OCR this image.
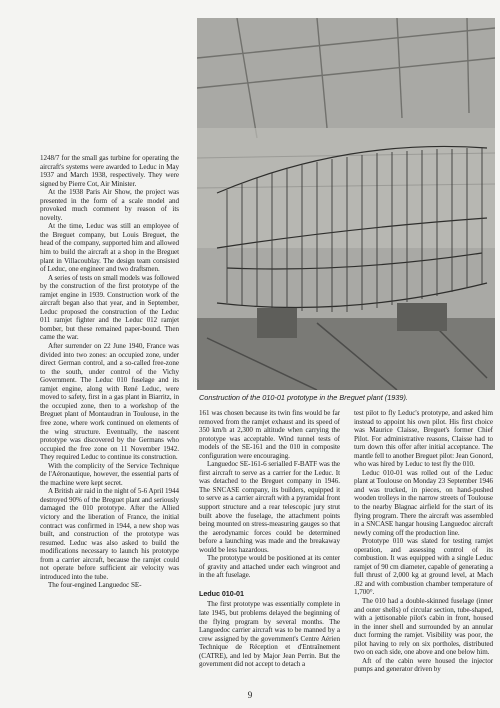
1248/7 for the small gas turbine for operating the aircraft's systems were awarded to Leduc in May 1937 and March 1938, respectively. They were signed by Pierre Cot, Air Minister.

At the 1938 Paris Air Show, the project was presented in the form of a scale model and provoked much comment by reason of its novelty.

At the time, Leduc was still an employee of the Breguet company, but Louis Breguet, the head of the company, supported him and allowed him to build the aircraft at a shop in the Breguet plant in Villacoublay. The design team consisted of Leduc, one engineer and two draftsmen.

A series of tests on small models was followed by the construction of the first prototype of the ramjet engine in 1939. Construction work of the aircraft began also that year, and in September, Leduc proposed the construction of the Leduc 011 ramjet fighter and the Leduc 012 ramjet bomber, but these remained paper-bound. Then came the war.

After surrender on 22 June 1940, France was divided into two zones: an occupied zone, under direct German control, and a so-called free-zone to the south, under control of the Vichy Government. The Leduc 010 fuselage and its ramjet engine, along with René Leduc, were moved to safety, first in a gas plant in Biarritz, in the occupied zone, then to a workshop of the Breguet plant of Montaudran in Toulouse, in the free zone, where work continued on elements of the wing structure. Eventually, the nascent prototype was discovered by the Germans who occupied the free zone on 11 November 1942. They required Leduc to continue its construction.

With the complicity of the Service Technique de l'Aéronautique, however, the essential parts of the machine were kept secret.

A British air raid in the night of 5-6 April 1944 destroyed 90% of the Breguet plant and seriously damaged the 010 prototype. After the Allied victory and the liberation of France, the initial contract was confirmed in 1944, a new shop was built, and construction of the prototype was resumed. Leduc was also asked to build the modifications necessary to launch his prototype from a carrier aircraft, because the ramjet could not operate before sufficient air velocity was introduced into the tube.

The four-engined Languedoc SE-

Construction of the 010-01 prototype in the Breguet plant (1939).

161 was chosen because its twin fins would be far removed from the ramjet exhaust and its speed of 350 km/h at 2,300 m altitude when carrying the prototype was acceptable. Wind tunnel tests of models of the SE-161 and the 010 in composite configuration were encouraging.

Languedoc SE-161-6 serialled F-BATF was the first aircraft to serve as a carrier for the Leduc. It was detached to the Breguet company in 1946. The SNCASE company, its builders, equipped it to serve as a carrier aircraft with a pyramidal front support structure and a rear telescopic jury strut built above the fuselage, the attachment points being mounted on stress-measuring gauges so that the aerodynamic forces could be determined before a launching was made and the breakaway would be less hazardous.

The prototype would be positioned at its center of gravity and attached under each wingroot and in the aft fuselage.

Leduc 010-01

The first prototype was essentially complete in late 1945, but problems delayed the beginning of the flying program by several months. The Languedoc carrier aircraft was to be manned by a crew assigned by the government's Centre Aérien Technique de Réception et d'Entraînement (CATRE), and led by Major Jean Perrin. But the government did not accept to detach a

test pilot to fly Leduc's prototype, and asked him instead to appoint his own pilot. His first choice was Maurice Claisse, Breguet's former Chief Pilot. For administrative reasons, Claisse had to turn down this offer after initial acceptance. The mantle fell to another Breguet pilot: Jean Gonord, who was hired by Leduc to test fly the 010.

Leduc 010-01 was rolled out of the Leduc plant at Toulouse on Monday 23 September 1946 and was trucked, in pieces, on hand-pushed wooden trolleys in the narrow streets of Toulouse to the nearby Blagnac airfield for the start of its flying program. There the aircraft was assembled in a SNCASE hangar housing Languedoc aircraft newly coming off the production line.

Prototype 010 was slated for testing ramjet operation, and assessing control of its combustion. It was equipped with a single Leduc ramjet of 90 cm diameter, capable of generating a full thrust of 2,000 kg at ground level, at Mach .82 and with combustion chamber temperature of 1,700°.

The 010 had a double-skinned fuselage (inner and outer shells) of circular section, tube-shaped, with a jettisonable pilot's cabin in front, housed in the inner shell and surrounded by an annular duct forming the ramjet. Visibility was poor, the pilot having to rely on six portholes, distributed two on each side, one above and one below him.

Aft of the cabin were housed the injector pumps and generator driven by

9
